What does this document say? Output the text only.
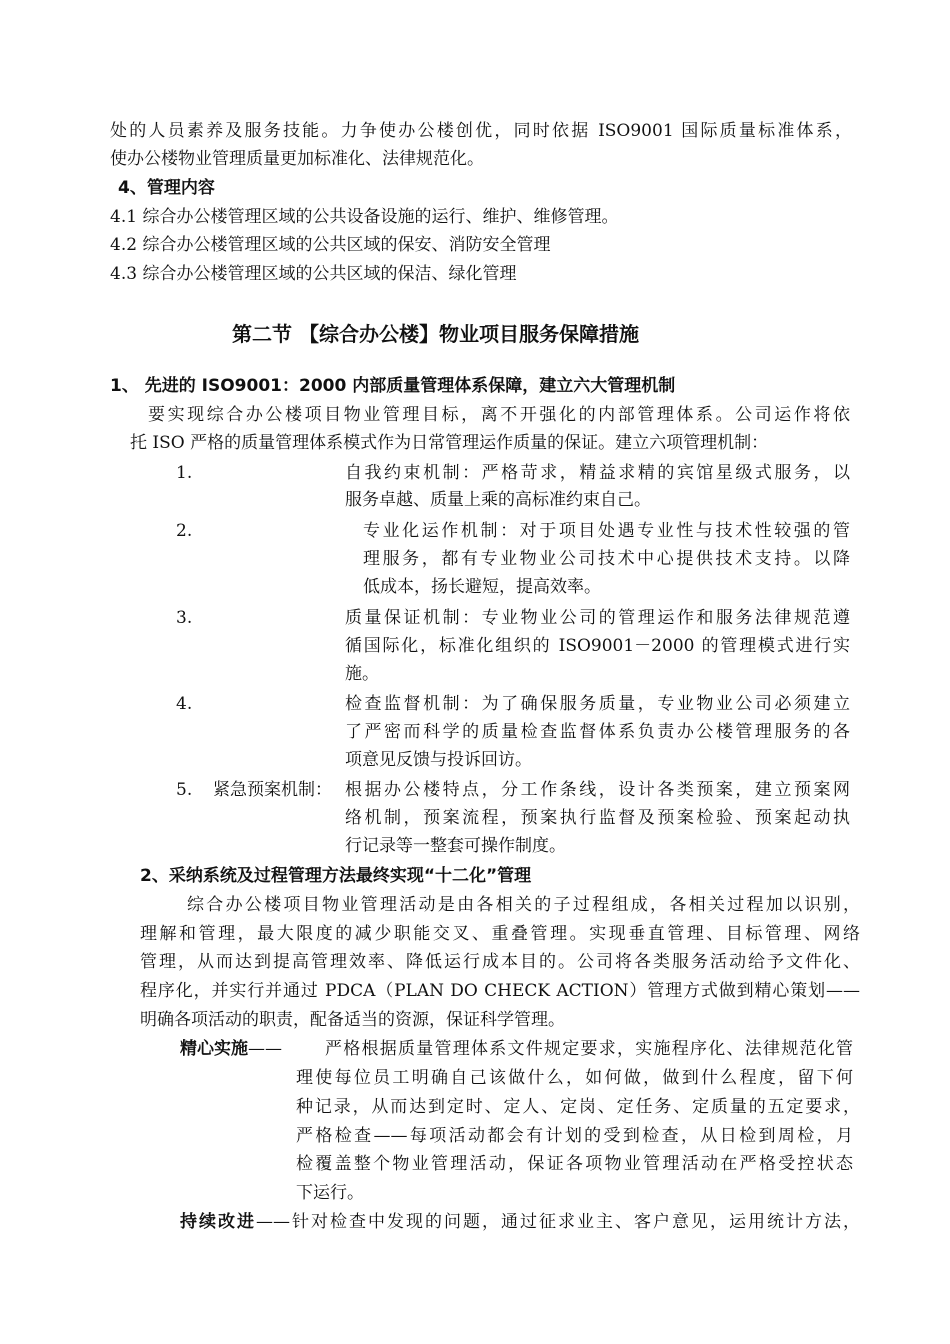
处的人员素养及服务技能。力争使办公楼创优，同时依据 ISO9001 国际质量标准体系，
使办公楼物业管理质量更加标准化、法律规范化。
4、管理内容
4.1 综合办公楼管理区域的公共设备设施的运行、维护、维修管理。
4.2 综合办公楼管理区域的公共区域的保安、消防安全管理
4.3 综合办公楼管理区域的公共区域的保洁、绿化管理
第二节 【综合办公楼】物业项目服务保障措施
1、 先进的 ISO9001：2000 内部质量管理体系保障，建立六大管理机制
要实现综合办公楼项目物业管理目标，离不开强化的内部管理体系。公司运作将依
托 ISO 严格的质量管理体系模式作为日常管理运作质量的保证。建立六项管理机制：
1.	自我约束机制：严格苛求，精益求精的宾馆星级式服务，以
服务卓越、质量上乘的高标准约束自己。
2.	专业化运作机制：对于项目处遇专业性与技术性较强的管
理服务，都有专业物业公司技术中心提供技术支持。以降
低成本，扬长避短，提高效率。
3.	质量保证机制：专业物业公司的管理运作和服务法律规范遵
循国际化，标准化组织的 ISO9001－2000 的管理模式进行实
施。
4.	检查监督机制：为了确保服务质量，专业物业公司必须建立
了严密而科学的质量检查监督体系负责办公楼管理服务的各
项意见反馈与投诉回访。
5. 紧急预案机制： 根据办公楼特点，分工作条线，设计各类预案，建立预案网
络机制，预案流程，预案执行监督及预案检验、预案起动执
行记录等一整套可操作制度。
2、采纳系统及过程管理方法最终实现“十二化”管理
综合办公楼项目物业管理活动是由各相关的子过程组成，各相关过程加以识别，
理解和管理，最大限度的减少职能交叉、重叠管理。实现垂直管理、目标管理、网络
管理，从而达到提高管理效率、降低运行成本目的。公司将各类服务活动给予文件化、
程序化，并实行并通过 PDCA（PLAN DO CHECK ACTION）管理方式做到精心策划——
明确各项活动的职责，配备适当的资源，保证科学管理。
精心实施——	严格根据质量管理体系文件规定要求，实施程序化、法律规范化管
理使每位员工明确自己该做什么，如何做，做到什么程度，留下何
种记录，从而达到定时、定人、定岗、定任务、定质量的五定要求，
严格检查——每项活动都会有计划的受到检查，从日检到周检，月
检覆盖整个物业管理活动，保证各项物业管理活动在严格受控状态
下运行。
持续改进——针对检查中发现的问题，通过征求业主、客户意见，运用统计方法，
